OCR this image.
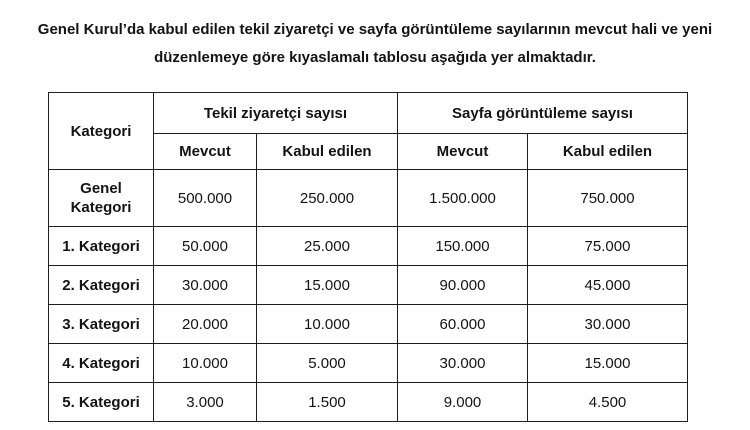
Genel Kurul’da kabul edilen tekil ziyaretçi ve sayfa görüntüleme sayılarının mevcut hali ve yeni
düzenlemeye göre kıyaslamalı tablosu aşağıda yer almaktadır.
Kategori	Tekil ziyaretçi sayısı		Sayfa görüntüleme sayısı	
	Mevcut	Kabul edilen	Mevcut	Kabul edilen
Genel Kategori	500.000	250.000	1.500.000	750.000
1. Kategori	50.000	25.000	150.000	75.000
2. Kategori	30.000	15.000	90.000	45.000
3. Kategori	20.000	10.000	60.000	30.000
4. Kategori	10.000	5.000	30.000	15.000
5. Kategori	3.000	1.500	9.000	4.500
